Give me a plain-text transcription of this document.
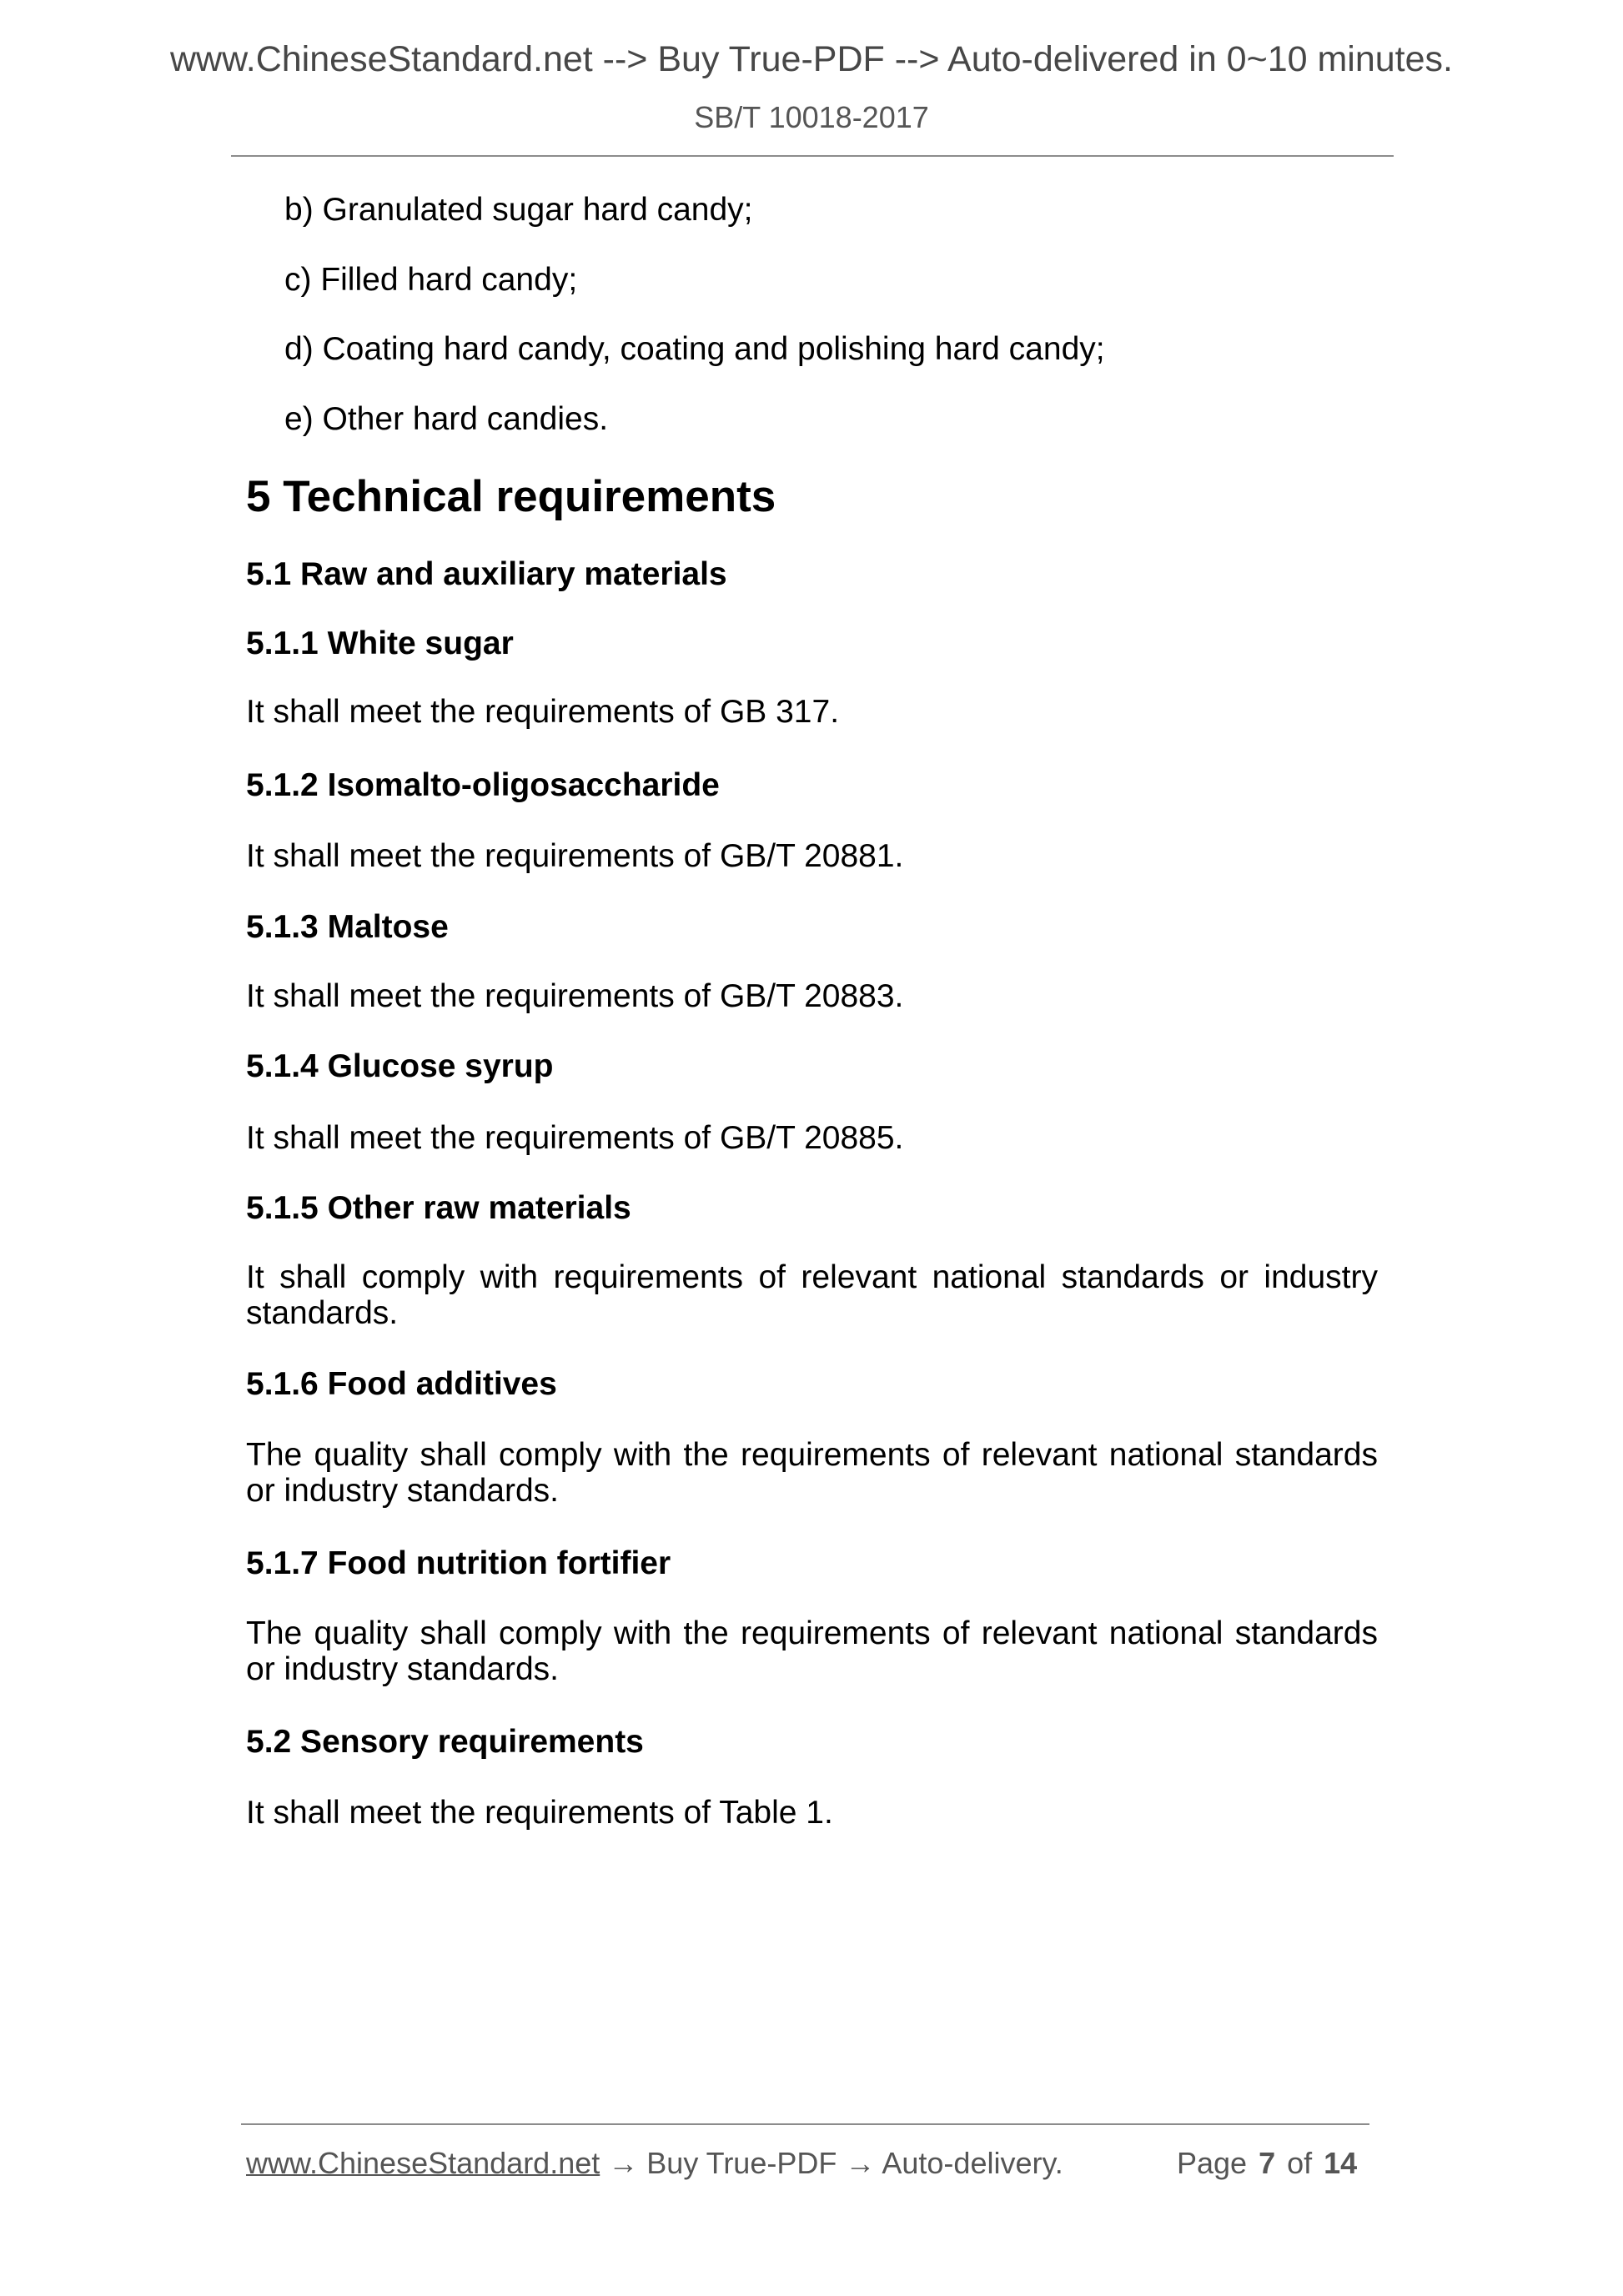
www.ChineseStandard.net --> Buy True-PDF --> Auto-delivered in 0~10 minutes.
SB/T 10018-2017
b) Granulated sugar hard candy;
c) Filled hard candy;
d) Coating hard candy, coating and polishing hard candy;
e) Other hard candies.
5 Technical requirements
5.1 Raw and auxiliary materials
5.1.1 White sugar
It shall meet the requirements of GB 317.
5.1.2 Isomalto-oligosaccharide
It shall meet the requirements of GB/T 20881.
5.1.3 Maltose
It shall meet the requirements of GB/T 20883.
5.1.4 Glucose syrup
It shall meet the requirements of GB/T 20885.
5.1.5 Other raw materials
It shall comply with requirements of relevant national standards or industry standards.
5.1.6 Food additives
The quality shall comply with the requirements of relevant national standards or industry standards.
5.1.7 Food nutrition fortifier
The quality shall comply with the requirements of relevant national standards or industry standards.
5.2 Sensory requirements
It shall meet the requirements of Table 1.
www.ChineseStandard.net → Buy True-PDF → Auto-delivery.	Page 7 of 14
